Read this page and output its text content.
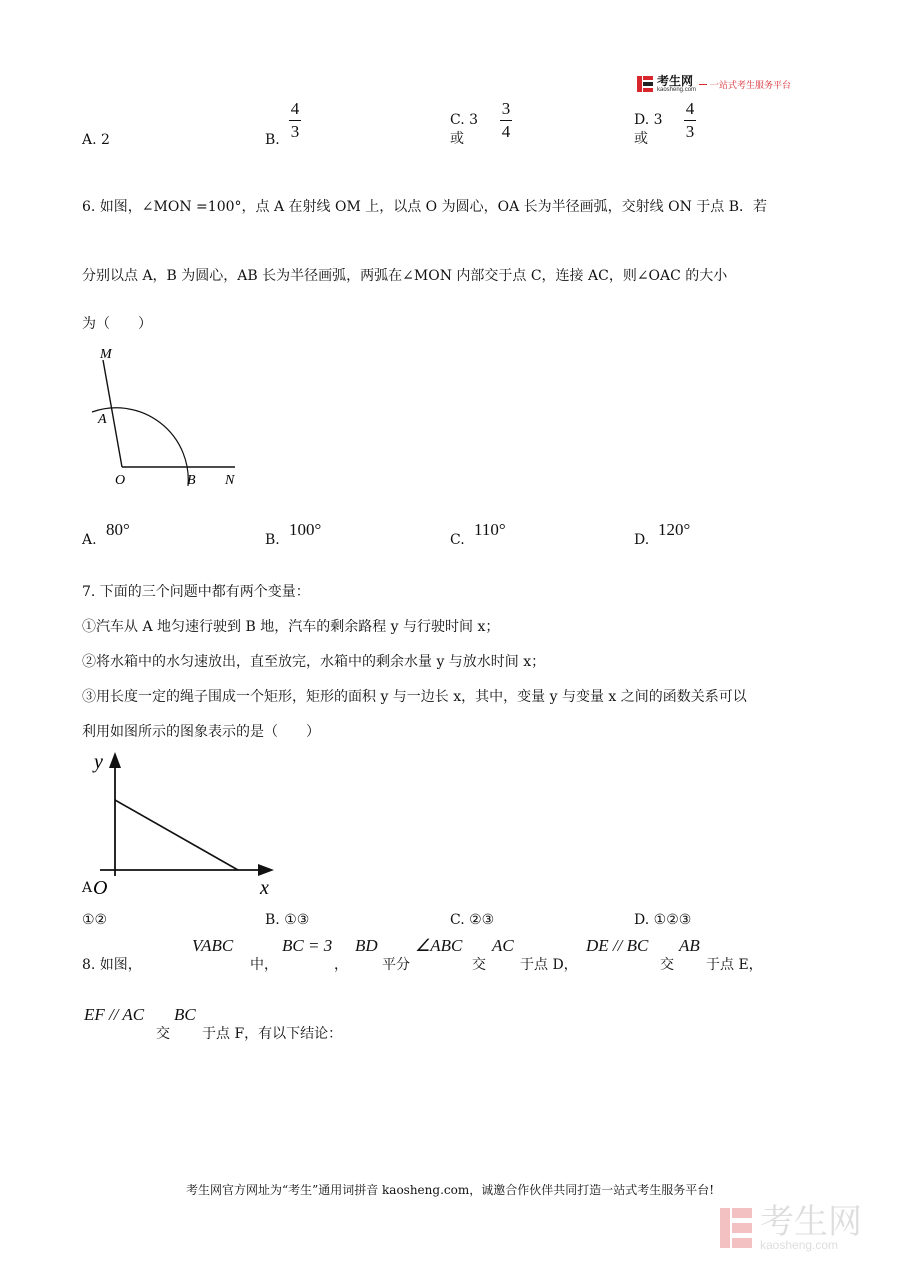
考生网
kaosheng.com
一站式考生服务平台
A. 2	B.
4
3
C. 3或
3
4
D. 3或
4
3
6. 如图，∠MON =100°，点 A 在射线 OM 上，以点 O 为圆心，OA 长为半径画弧，交射线 ON 于点 B．若
分别以点 A，B 为圆心，AB 长为半径画弧，两弧在∠MON 内部交于点 C，连接 AC，则∠OAC 的大小
为（　　）
M
A
O	B N
A.
80°
B.
100°
C.
110°
D.
120°
7. 下面的三个问题中都有两个变量：
①汽车从 A 地匀速行驶到 B 地，汽车的剩余路程 y 与行驶时间 x；
②将水箱中的水匀速放出，直至放完，水箱中的剩余水量 y 与放水时间 x；
③用长度一定的绳子围成一个矩形，矩形的面积 y 与一边长 x，其中，变量 y 与变量 x 之间的函数关系可以
利用如图所示的图象表示的是（　　）
y
x
O
A①②	B. ①③	C. ②③	D. ①②③
8. 如图，
VABC
中，
BC = 3
，
BD
平分
∠ABC
交
AC
于点 D，
DE // BC
交
AB
于点 E，
EF // AC
交
BC
于点 F，有以下结论：
考生网官方网址为“考生”通用词拼音 kaosheng.com，诚邀合作伙伴共同打造一站式考生服务平台!
考生网
kaosheng.com
